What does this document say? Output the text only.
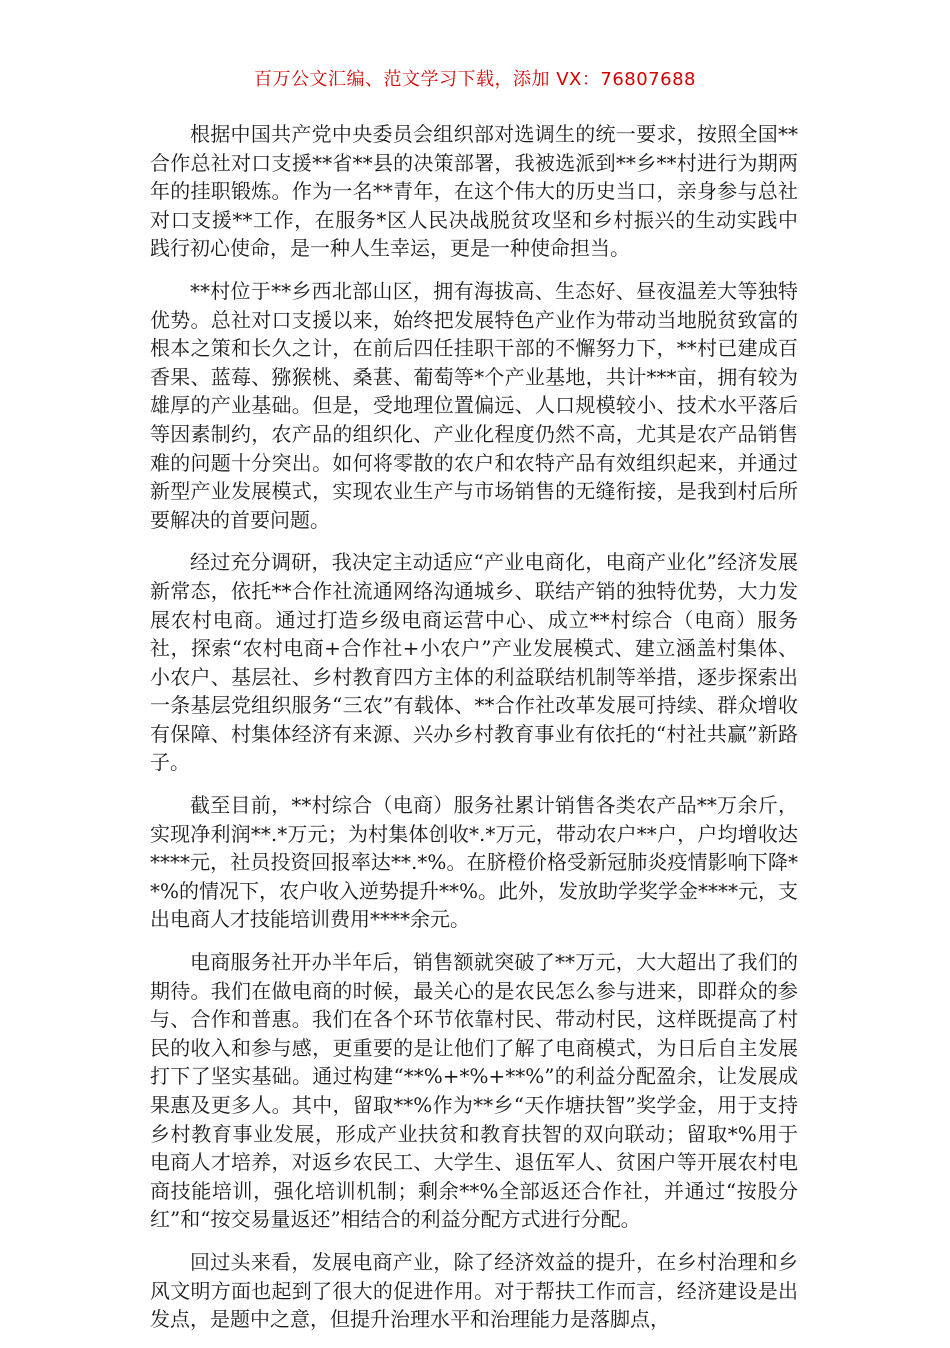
百万公文汇编、范文学习下载，添加 VX：76807688

根据中国共产党中央委员会组织部对选调生的统一要求，按照全国**合作总社对口支援**省**县的决策部署，我被选派到**乡**村进行为期两年的挂职锻炼。作为一名**青年，在这个伟大的历史当口，亲身参与总社对口支援**工作，在服务*区人民决战脱贫攻坚和乡村振兴的生动实践中践行初心使命，是一种人生幸运，更是一种使命担当。

**村位于**乡西北部山区，拥有海拔高、生态好、昼夜温差大等独特优势。总社对口支援以来，始终把发展特色产业作为带动当地脱贫致富的根本之策和长久之计，在前后四任挂职干部的不懈努力下，**村已建成百香果、蓝莓、猕猴桃、桑葚、葡萄等*个产业基地，共计***亩，拥有较为雄厚的产业基础。但是，受地理位置偏远、人口规模较小、技术水平落后等因素制约，农产品的组织化、产业化程度仍然不高，尤其是农产品销售难的问题十分突出。如何将零散的农户和农特产品有效组织起来，并通过新型产业发展模式，实现农业生产与市场销售的无缝衔接，是我到村后所要解决的首要问题。

经过充分调研，我决定主动适应“产业电商化，电商产业化”经济发展新常态，依托**合作社流通网络沟通城乡、联结产销的独特优势，大力发展农村电商。通过打造乡级电商运营中心、成立**村综合（电商）服务社，探索“农村电商+合作社+小农户”产业发展模式、建立涵盖村集体、小农户、基层社、乡村教育四方主体的利益联结机制等举措，逐步探索出一条基层党组织服务“三农”有载体、**合作社改革发展可持续、群众增收有保障、村集体经济有来源、兴办乡村教育事业有依托的“村社共赢”新路子。

截至目前，**村综合（电商）服务社累计销售各类农产品**万余斤，实现净利润**.*万元；为村集体创收*.*万元，带动农户**户，户均增收达****元，社员投资回报率达**.*%。在脐橙价格受新冠肺炎疫情影响下降**%的情况下，农户收入逆势提升**%。此外，发放助学奖学金****元，支出电商人才技能培训费用****余元。

电商服务社开办半年后，销售额就突破了**万元，大大超出了我们的期待。我们在做电商的时候，最关心的是农民怎么参与进来，即群众的参与、合作和普惠。我们在各个环节依靠村民、带动村民，这样既提高了村民的收入和参与感，更重要的是让他们了解了电商模式，为日后自主发展打下了坚实基础。通过构建“**%+*%+**%”的利益分配盈余，让发展成果惠及更多人。其中，留取**%作为**乡“天作塘扶智”奖学金，用于支持乡村教育事业发展，形成产业扶贫和教育扶智的双向联动；留取*%用于电商人才培养，对返乡农民工、大学生、退伍军人、贫困户等开展农村电商技能培训，强化培训机制；剩余**%全部返还合作社，并通过“按股分红”和“按交易量返还”相结合的利益分配方式进行分配。

回过头来看，发展电商产业，除了经济效益的提升，在乡村治理和乡风文明方面也起到了很大的促进作用。对于帮扶工作而言，经济建设是出发点，是题中之意，但提升治理水平和治理能力是落脚点，
